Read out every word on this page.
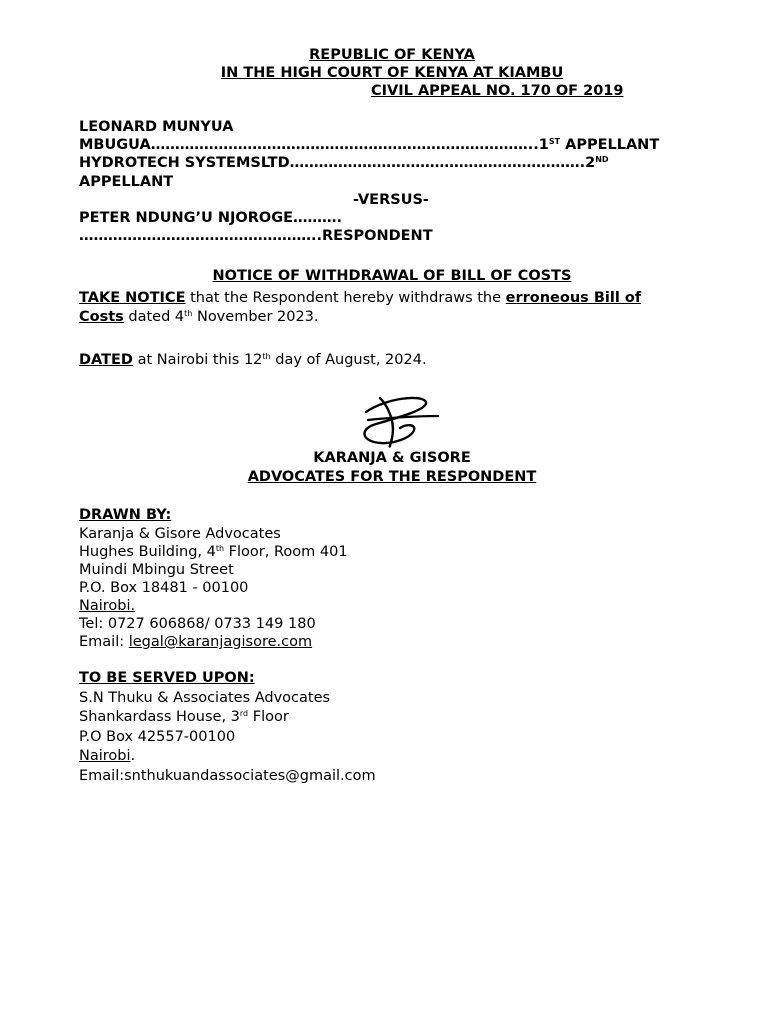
REPUBLIC OF KENYA
IN THE HIGH COURT OF KENYA AT KIAMBU
CIVIL APPEAL NO. 170 OF 2019
LEONARD MUNYUA
MBUGUA……………………………………………………………………..1ST APPELLANT
HYDROTECH SYSTEMSLTD…………………………………………………….2ND
APPELLANT
-VERSUS-
PETER NDUNG’U NJOROGE……….
…………………………………………..RESPONDENT
NOTICE OF WITHDRAWAL OF BILL OF COSTS
TAKE NOTICE that the Respondent hereby withdraws the erroneous Bill of
Costs dated 4th November 2023.
DATED at Nairobi this 12th day of August, 2024.
KARANJA & GISORE
ADVOCATES FOR THE RESPONDENT
DRAWN BY:
Karanja & Gisore Advocates
Hughes Building, 4th Floor, Room 401
Muindi Mbingu Street
P.O. Box 18481 - 00100
Nairobi.
Tel: 0727 606868/ 0733 149 180
Email: legal@karanjagisore.com
TO BE SERVED UPON:
S.N Thuku & Associates Advocates
Shankardass House, 3rd Floor
P.O Box 42557-00100
Nairobi.
Email:snthukuandassociates@gmail.com
